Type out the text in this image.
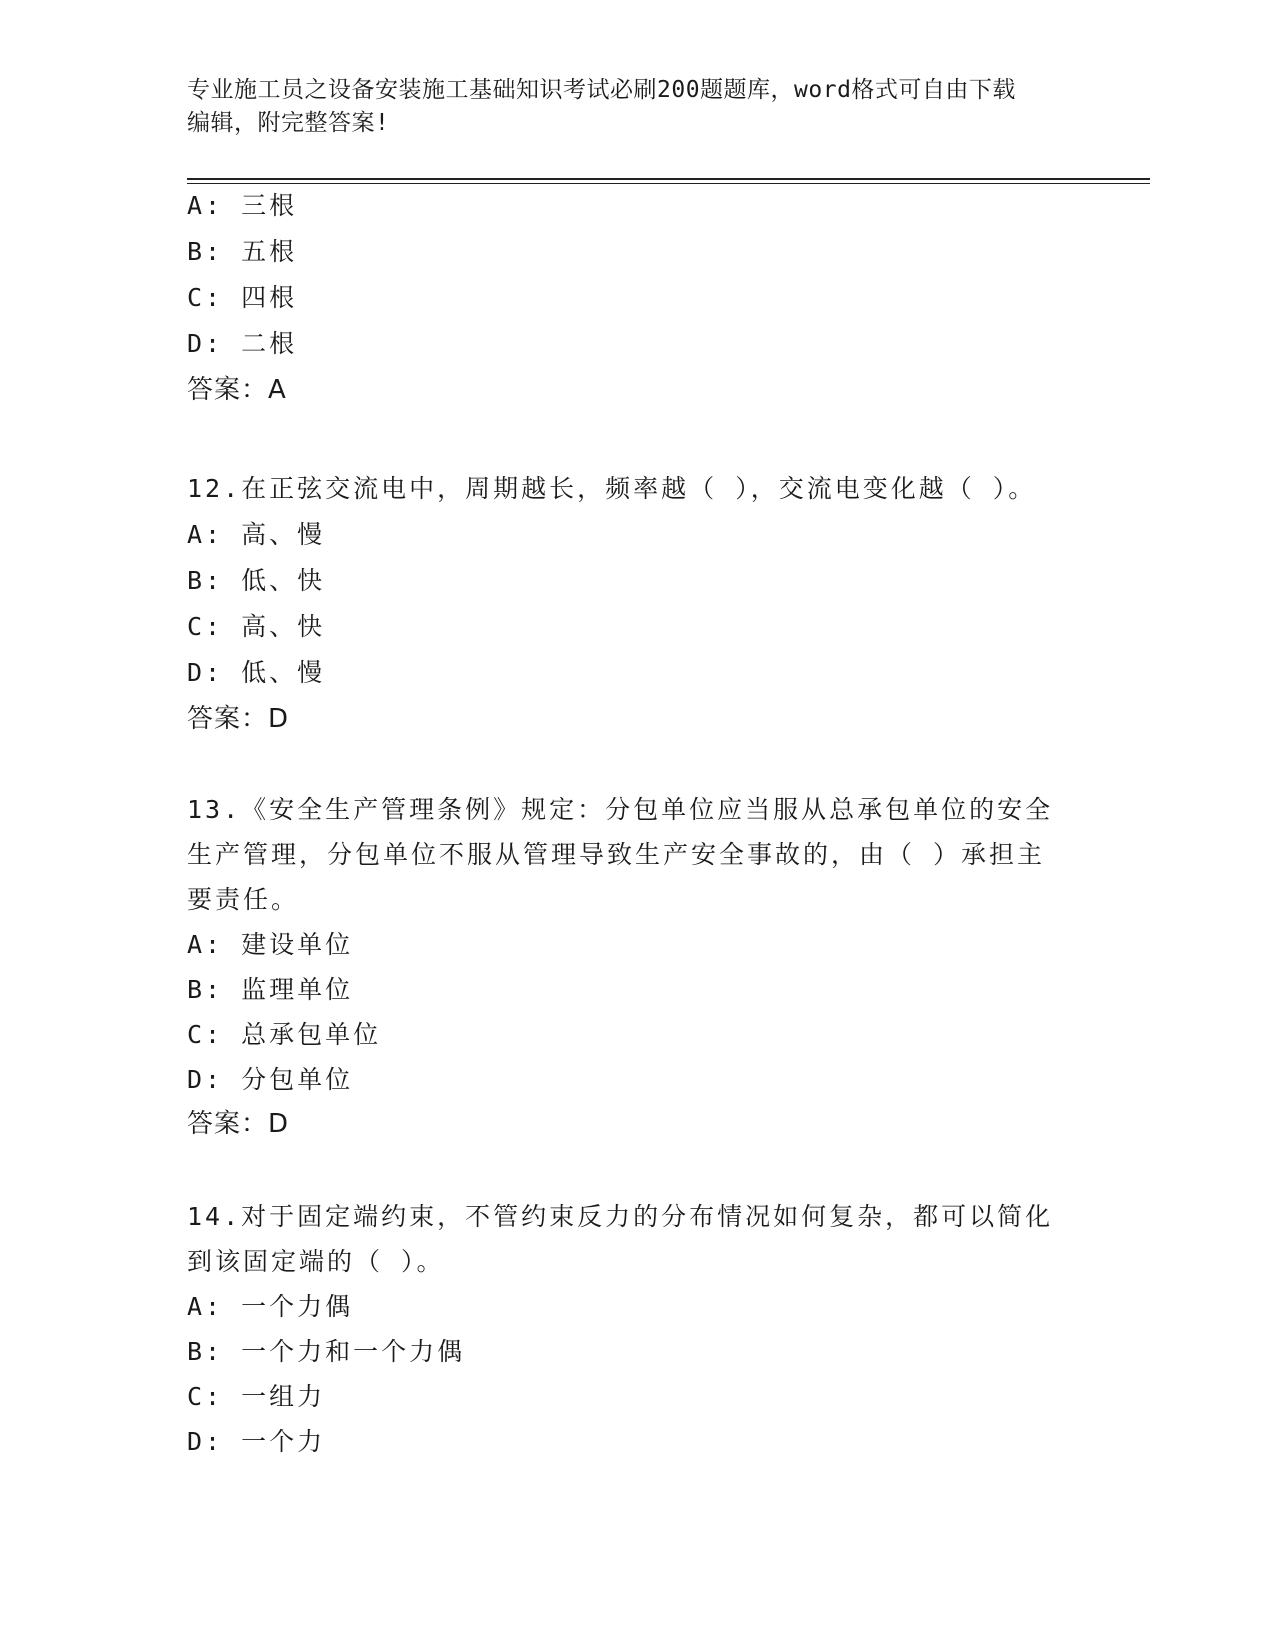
专业施工员之设备安装施工基础知识考试必刷200题题库，word格式可自由下载
编辑，附完整答案!
A: 三根
B: 五根
C: 四根
D: 二根
答案：A
12.在正弦交流电中，周期越长，频率越（ ），交流电变化越（ ）。
A: 高、慢
B: 低、快
C: 高、快
D: 低、慢
答案：D
13.《安全生产管理条例》规定：分包单位应当服从总承包单位的安全
生产管理，分包单位不服从管理导致生产安全事故的，由（ ）承担主
要责任。
A: 建设单位
B: 监理单位
C: 总承包单位
D: 分包单位
答案：D
14.对于固定端约束，不管约束反力的分布情况如何复杂，都可以简化
到该固定端的（ ）。
A: 一个力偶
B: 一个力和一个力偶
C: 一组力
D: 一个力
